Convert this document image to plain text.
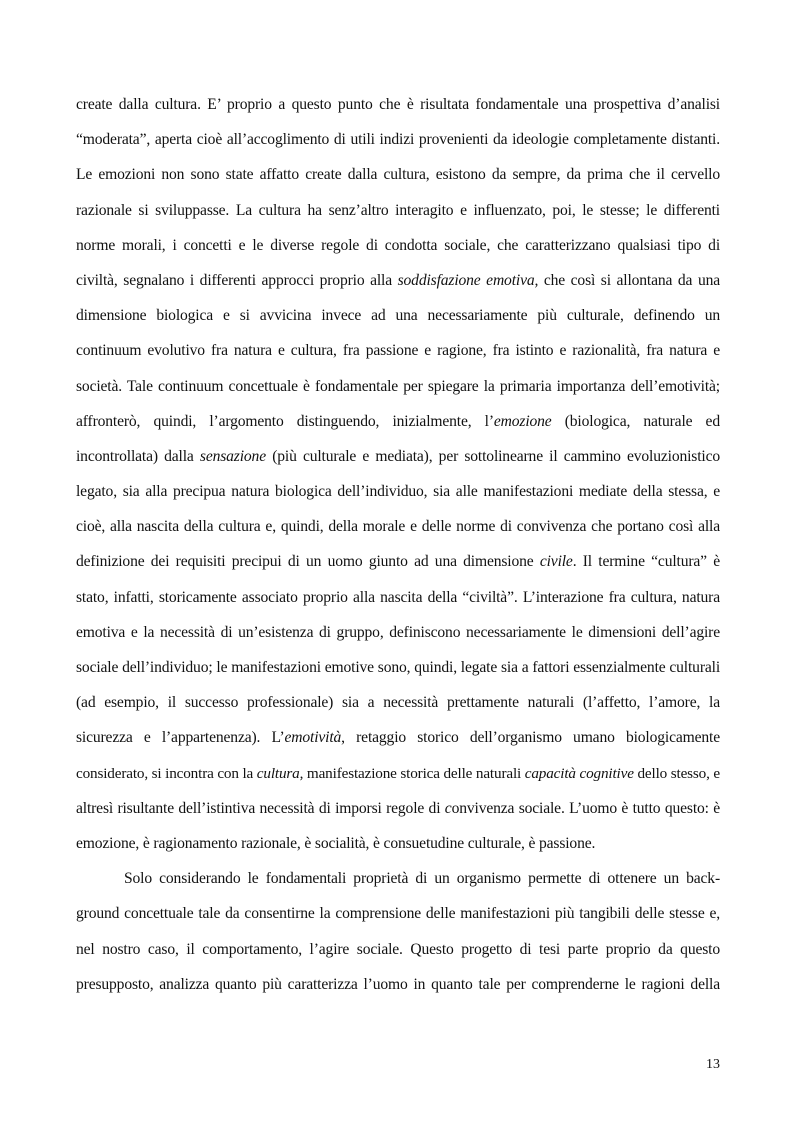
create dalla cultura. E’ proprio a questo punto che è risultata fondamentale una prospettiva d’analisi
“moderata”, aperta cioè all’accoglimento di utili indizi provenienti da ideologie completamente distanti.
Le emozioni non sono state affatto create dalla cultura, esistono da sempre, da prima che il cervello
razionale si sviluppasse. La cultura ha senz’altro interagito e influenzato, poi, le stesse; le differenti
norme morali, i concetti e le diverse regole di condotta sociale, che caratterizzano qualsiasi tipo di
civiltà, segnalano i differenti approcci proprio alla soddisfazione emotiva, che così si allontana da una
dimensione biologica e si avvicina invece ad una necessariamente più culturale, definendo un
continuum evolutivo fra natura e cultura, fra passione e ragione, fra istinto e razionalità, fra natura e
società. Tale continuum concettuale è fondamentale per spiegare la primaria importanza dell’emotività;
affronterò, quindi, l’argomento distinguendo, inizialmente, l’emozione (biologica, naturale ed
incontrollata) dalla sensazione (più culturale e mediata), per sottolinearne il cammino evoluzionistico
legato, sia alla precipua natura biologica dell’individuo, sia alle manifestazioni mediate della stessa, e
cioè, alla nascita della cultura e, quindi, della morale e delle norme di convivenza che portano così alla
definizione dei requisiti precipui di un uomo giunto ad una dimensione civile. Il termine “cultura” è
stato, infatti, storicamente associato proprio alla nascita della “civiltà”. L’interazione fra cultura, natura
emotiva e la necessità di un’esistenza di gruppo, definiscono necessariamente le dimensioni dell’agire
sociale dell’individuo; le manifestazioni emotive sono, quindi, legate sia a fattori essenzialmente culturali
(ad esempio, il successo professionale) sia a necessità prettamente naturali (l’affetto, l’amore, la
sicurezza e l’appartenenza). L’emotività, retaggio storico dell’organismo umano biologicamente
considerato, si incontra con la cultura, manifestazione storica delle naturali capacità cognitive dello stesso, e
altresì risultante dell’istintiva necessità di imporsi regole di convivenza sociale. L’uomo è tutto questo: è
emozione, è ragionamento razionale, è socialità, è consuetudine culturale, è passione.
Solo considerando le fondamentali proprietà di un organismo permette di ottenere un back-
ground concettuale tale da consentirne la comprensione delle manifestazioni più tangibili delle stesse e,
nel nostro caso, il comportamento, l’agire sociale. Questo progetto di tesi parte proprio da questo
presupposto, analizza quanto più caratterizza l’uomo in quanto tale per comprenderne le ragioni della
13
